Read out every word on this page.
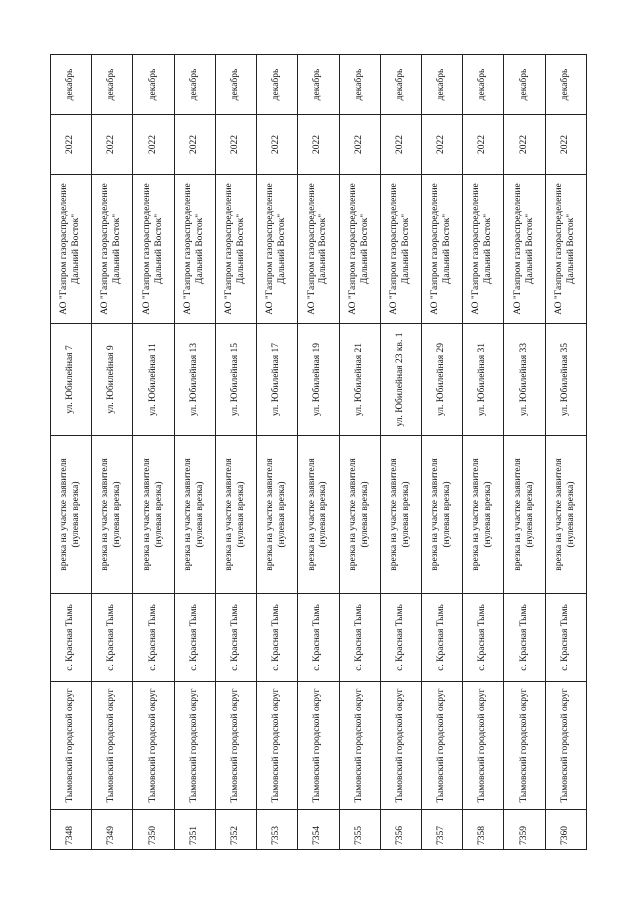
7348	Тымовский городской округ	с. Красная Тымь	врезка на участке заявителя (нулевая врезка)	ул. Юбилейная 7	АО "Газпром газораспределение Дальний Восток"	2022	декабрь
7349	Тымовский городской округ	с. Красная Тымь	врезка на участке заявителя (нулевая врезка)	ул. Юбилейная 9	АО "Газпром газораспределение Дальний Восток"	2022	декабрь
7350	Тымовский городской округ	с. Красная Тымь	врезка на участке заявителя (нулевая врезка)	ул. Юбилейная 11	АО "Газпром газораспределение Дальний Восток"	2022	декабрь
7351	Тымовский городской округ	с. Красная Тымь	врезка на участке заявителя (нулевая врезка)	ул. Юбилейная 13	АО "Газпром газораспределение Дальний Восток"	2022	декабрь
7352	Тымовский городской округ	с. Красная Тымь	врезка на участке заявителя (нулевая врезка)	ул. Юбилейная 15	АО "Газпром газораспределение Дальний Восток"	2022	декабрь
7353	Тымовский городской округ	с. Красная Тымь	врезка на участке заявителя (нулевая врезка)	ул. Юбилейная 17	АО "Газпром газораспределение Дальний Восток"	2022	декабрь
7354	Тымовский городской округ	с. Красная Тымь	врезка на участке заявителя (нулевая врезка)	ул. Юбилейная 19	АО "Газпром газораспределение Дальний Восток"	2022	декабрь
7355	Тымовский городской округ	с. Красная Тымь	врезка на участке заявителя (нулевая врезка)	ул. Юбилейная 21	АО "Газпром газораспределение Дальний Восток"	2022	декабрь
7356	Тымовский городской округ	с. Красная Тымь	врезка на участке заявителя (нулевая врезка)	ул. Юбилейная 23 кв. 1	АО "Газпром газораспределение Дальний Восток"	2022	декабрь
7357	Тымовский городской округ	с. Красная Тымь	врезка на участке заявителя (нулевая врезка)	ул. Юбилейная 29	АО "Газпром газораспределение Дальний Восток"	2022	декабрь
7358	Тымовский городской округ	с. Красная Тымь	врезка на участке заявителя (нулевая врезка)	ул. Юбилейная 31	АО "Газпром газораспределение Дальний Восток"	2022	декабрь
7359	Тымовский городской округ	с. Красная Тымь	врезка на участке заявителя (нулевая врезка)	ул. Юбилейная 33	АО "Газпром газораспределение Дальний Восток"	2022	декабрь
7360	Тымовский городской округ	с. Красная Тымь	врезка на участке заявителя (нулевая врезка)	ул. Юбилейная 35	АО "Газпром газораспределение Дальний Восток"	2022	декабрь
